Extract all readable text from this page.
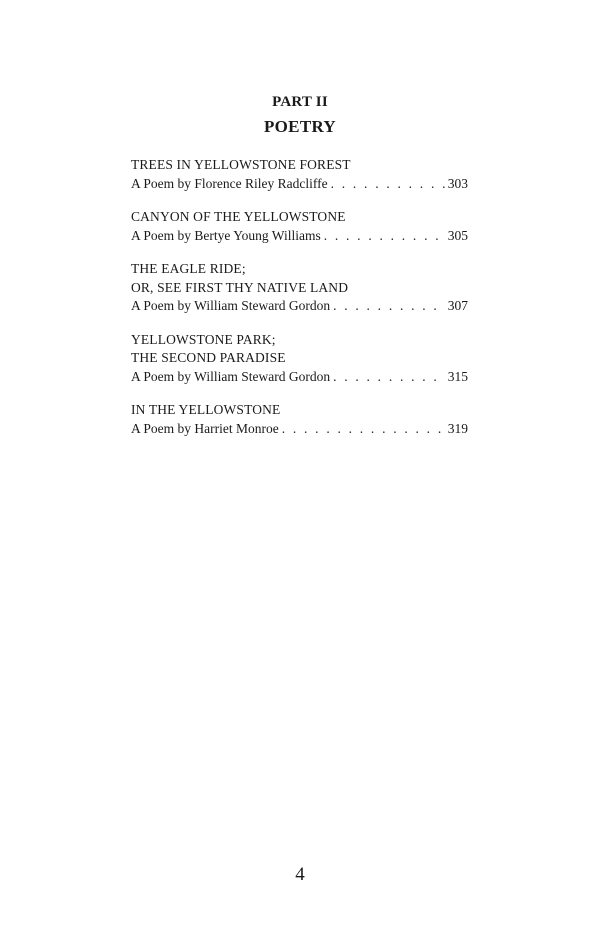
PART II
POETRY
TREES IN YELLOWSTONE FOREST
A Poem by Florence Riley Radcliffe . . .	303
CANYON OF THE YELLOWSTONE
A Poem by Bertye Young Williams . . .	305
THE EAGLE RIDE;
OR, SEE FIRST THY NATIVE LAND
A Poem by William Steward Gordon . . .	307
YELLOWSTONE PARK;
THE SECOND PARADISE
A Poem by William Steward Gordon . . .	315
IN THE YELLOWSTONE
A Poem by Harriet Monroe . . .	319
4
